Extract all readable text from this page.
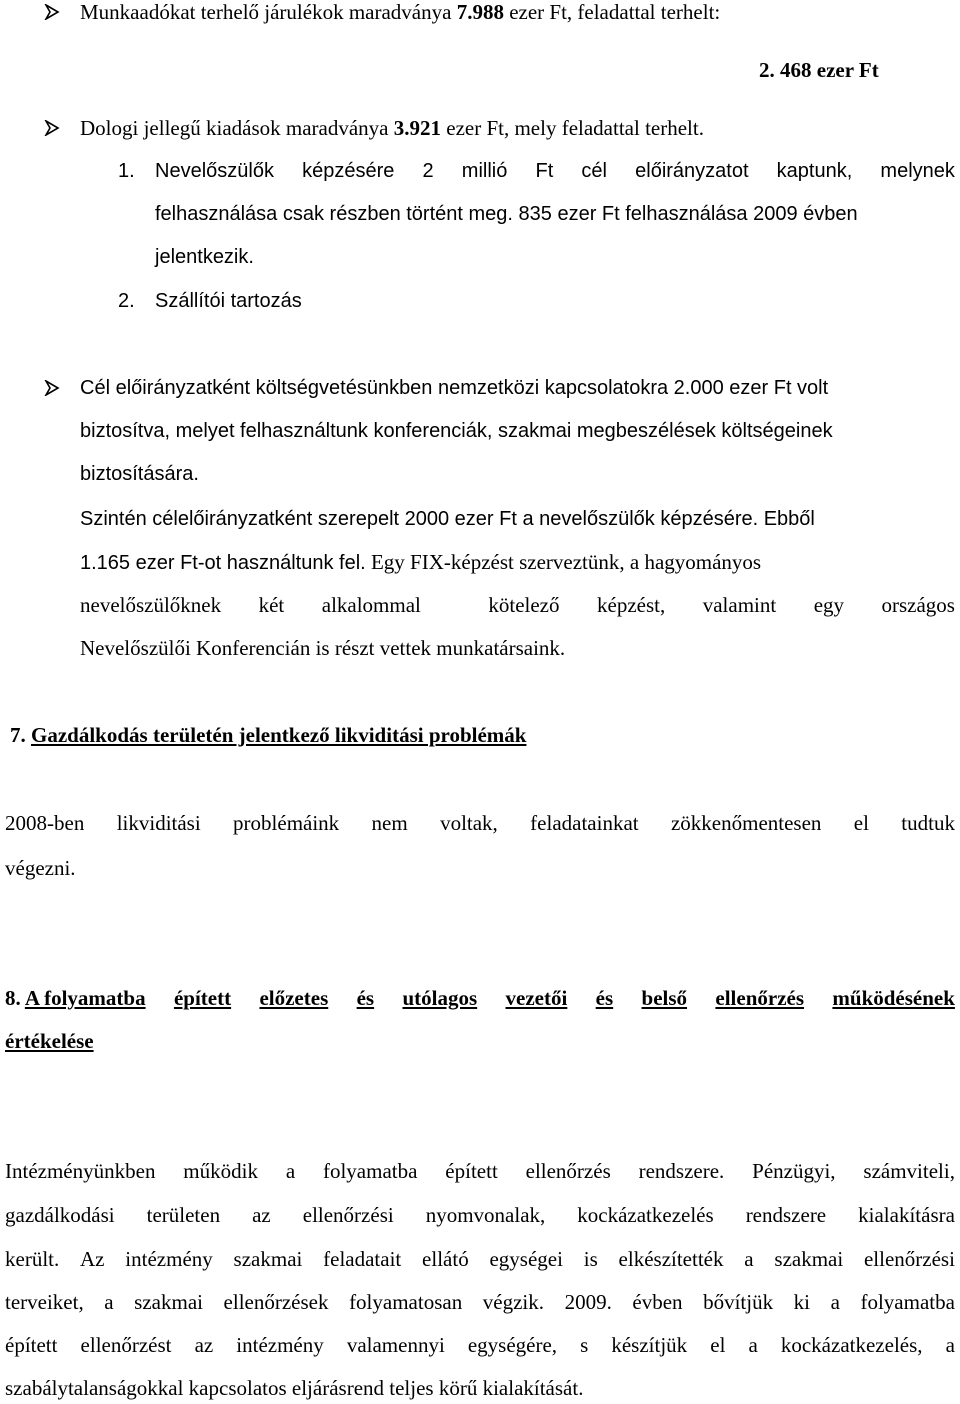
Munkaadókat terhelő járulékok maradványa 7.988 ezer Ft, feladattal terhelt:
2. 468 ezer Ft
Dologi jellegű kiadások maradványa 3.921 ezer Ft, mely feladattal terhelt.
1. Nevelőszülők képzésére 2 millió Ft cél előirányzatot kaptunk, melynek
felhasználása csak részben történt meg. 835 ezer Ft felhasználása 2009 évben
jelentkezik.
2. Szállítói tartozás
Cél előirányzatként költségvetésünkben nemzetközi kapcsolatokra 2.000 ezer Ft volt
biztosítva, melyet felhasználtunk konferenciák, szakmai megbeszélések költségeinek
biztosítására.
Szintén célelőirányzatként szerepelt 2000 ezer Ft a nevelőszülők képzésére. Ebből
1.165 ezer Ft-ot használtunk fel. Egy FIX-képzést szerveztünk, a hagyományos
nevelőszülőknek két alkalommal	kötelező képzést, valamint egy országos
Nevelőszülői Konferencián is részt vettek munkatársaink.
7. Gazdálkodás területén jelentkező likviditási problémák
2008-ben likviditási problémáink nem voltak, feladatainkat zökkenőmentesen el tudtuk
végezni.
8. A folyamatba épített előzetes és utólagos vezetői és belső ellenőrzés működésének
értékelése
Intézményünkben működik a folyamatba épített ellenőrzés rendszere. Pénzügyi, számviteli,
gazdálkodási területen az ellenőrzési nyomvonalak, kockázatkezelés rendszere kialakításra
került. Az intézmény szakmai feladatait ellátó egységei is elkészítették a szakmai ellenőrzési
terveiket, a szakmai ellenőrzések folyamatosan végzik. 2009. évben bővítjük ki a folyamatba
épített ellenőrzést az intézmény valamennyi egységére, s készítjük el a kockázatkezelés, a
szabálytalanságokkal kapcsolatos eljárásrend teljes körű kialakítását.
